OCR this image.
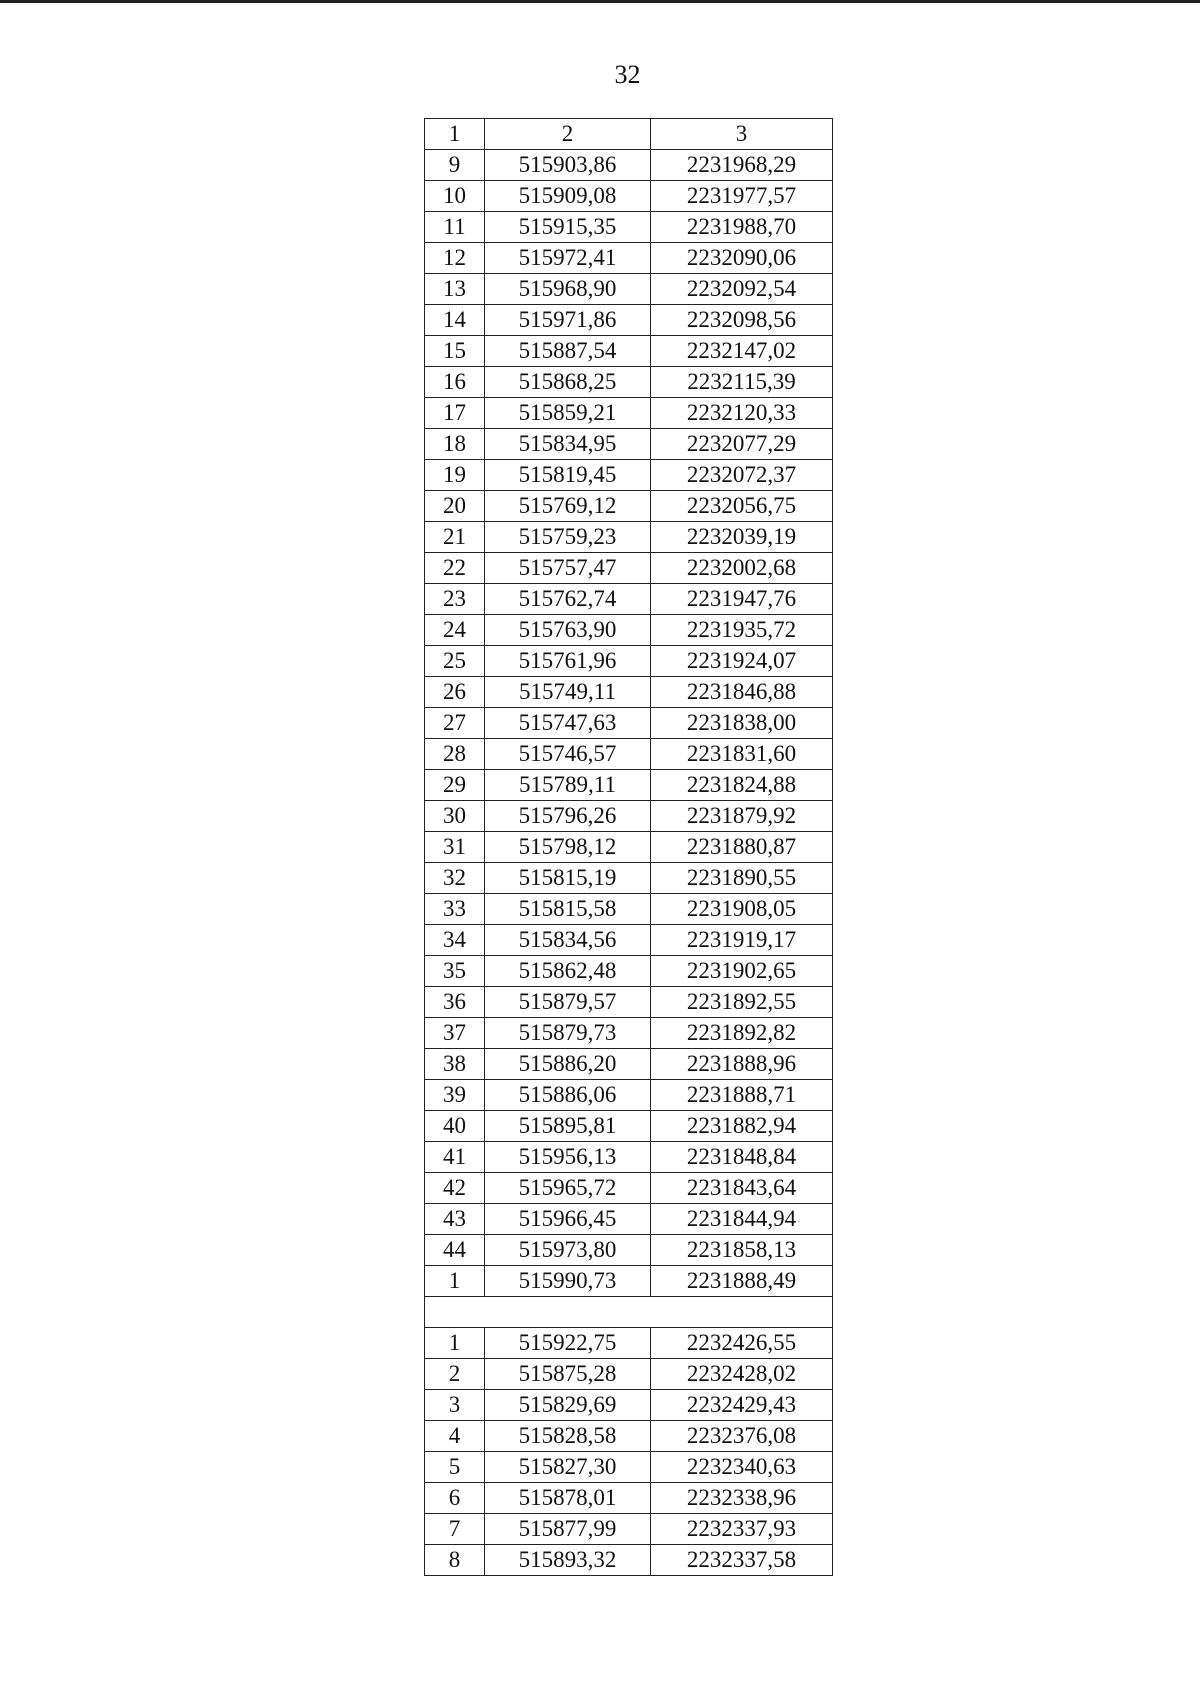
32
1	2	3
9	515903,86	2231968,29
10	515909,08	2231977,57
11	515915,35	2231988,70
12	515972,41	2232090,06
13	515968,90	2232092,54
14	515971,86	2232098,56
15	515887,54	2232147,02
16	515868,25	2232115,39
17	515859,21	2232120,33
18	515834,95	2232077,29
19	515819,45	2232072,37
20	515769,12	2232056,75
21	515759,23	2232039,19
22	515757,47	2232002,68
23	515762,74	2231947,76
24	515763,90	2231935,72
25	515761,96	2231924,07
26	515749,11	2231846,88
27	515747,63	2231838,00
28	515746,57	2231831,60
29	515789,11	2231824,88
30	515796,26	2231879,92
31	515798,12	2231880,87
32	515815,19	2231890,55
33	515815,58	2231908,05
34	515834,56	2231919,17
35	515862,48	2231902,65
36	515879,57	2231892,55
37	515879,73	2231892,82
38	515886,20	2231888,96
39	515886,06	2231888,71
40	515895,81	2231882,94
41	515956,13	2231848,84
42	515965,72	2231843,64
43	515966,45	2231844,94
44	515973,80	2231858,13
1	515990,73	2231888,49

1	515922,75	2232426,55
2	515875,28	2232428,02
3	515829,69	2232429,43
4	515828,58	2232376,08
5	515827,30	2232340,63
6	515878,01	2232338,96
7	515877,99	2232337,93
8	515893,32	2232337,58
